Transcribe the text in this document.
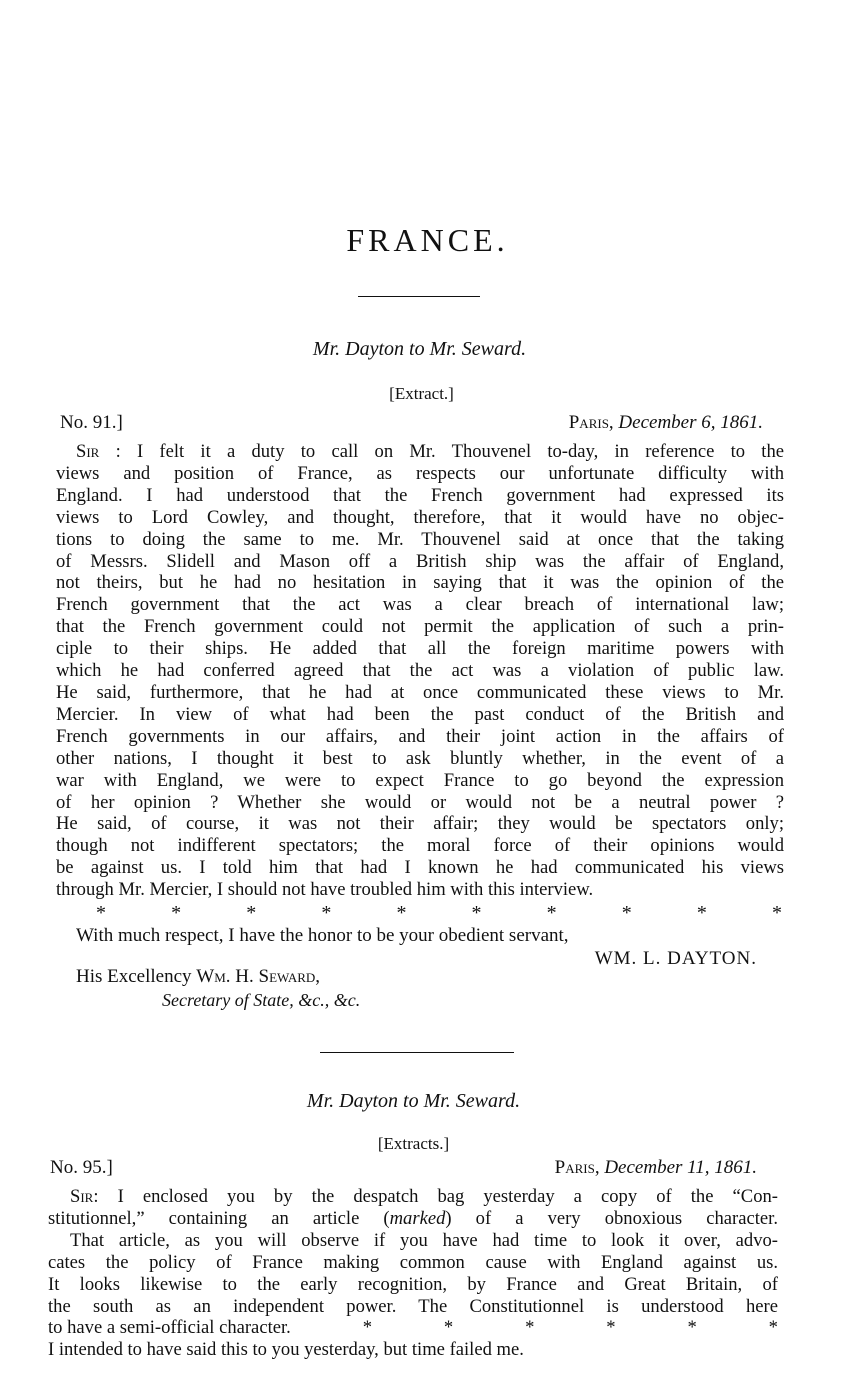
FRANCE.
Mr. Dayton to Mr. Seward.
[Extract.]
No. 91.]	Paris, December 6, 1861.
Sir : I felt it a duty to call on Mr. Thouvenel to-day, in reference to the
views and position of France, as respects our unfortunate difficulty with
England. I had understood that the French government had expressed its
views to Lord Cowley, and thought, therefore, that it would have no objec-
tions to doing the same to me. Mr. Thouvenel said at once that the taking
of Messrs. Slidell and Mason off a British ship was the affair of England,
not theirs, but he had no hesitation in saying that it was the opinion of the
French government that the act was a clear breach of international law;
that the French government could not permit the application of such a prin-
ciple to their ships. He added that all the foreign maritime powers with
which he had conferred agreed that the act was a violation of public law.
He said, furthermore, that he had at once communicated these views to Mr.
Mercier. In view of what had been the past conduct of the British and
French governments in our affairs, and their joint action in the affairs of
other nations, I thought it best to ask bluntly whether, in the event of a
war with England, we were to expect France to go beyond the expression
of her opinion ? Whether she would or would not be a neutral power ?
He said, of course, it was not their affair; they would be spectators only;
though not indifferent spectators; the moral force of their opinions would
be against us. I told him that had I known he had communicated his views
through Mr. Mercier, I should not have troubled him with this interview.
*	*	*	*	*	*	*	*	*	*
With much respect, I have the honor to be your obedient servant,
WM. L. DAYTON.
His Excellency Wm. H. Seward,
Secretary of State, &c., &c.
Mr. Dayton to Mr. Seward.
[Extracts.]
No. 95.]	Paris, December 11, 1861.
Sir: I enclosed you by the despatch bag yesterday a copy of the “Con-
stitutionnel,” containing an article (marked) of a very obnoxious character.
That article, as you will observe if you have had time to look it over, advo-
cates the policy of France making common cause with England against us.
It looks likewise to the early recognition, by France and Great Britain, of
the south as an independent power. The Constitutionnel is understood here
to have a semi-official character.	*	*	*	*	*	*
I intended to have said this to you yesterday, but time failed me.
